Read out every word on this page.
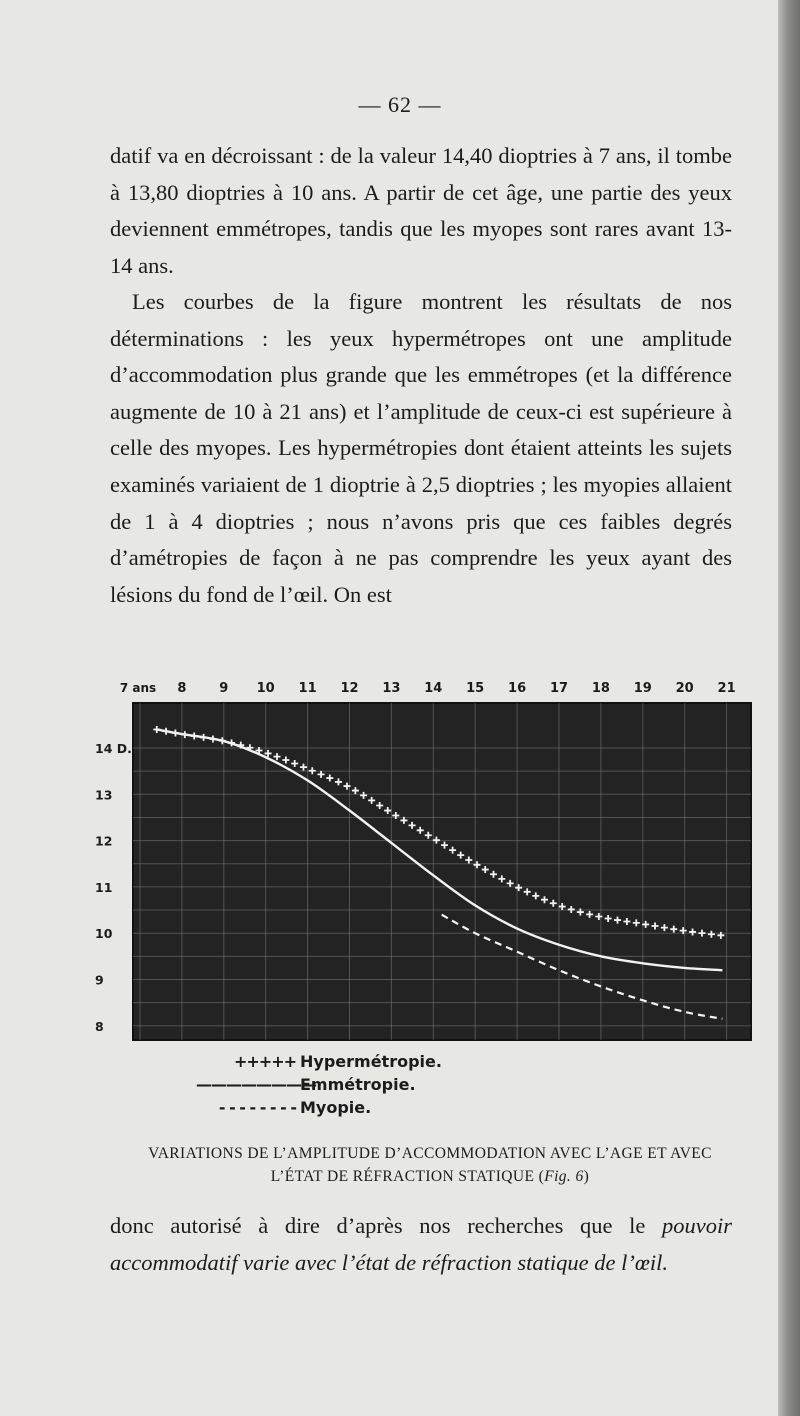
— 62 —

datif va en décroissant : de la valeur 14,40 dioptries à 7 ans, il tombe à 13,80 dioptries à 10 ans. A partir de cet âge, une partie des yeux deviennent emmétropes, tandis que les myopes sont rares avant 13-14 ans.

Les courbes de la figure montrent les résultats de nos déterminations : les yeux hypermétropes ont une amplitude d’accommodation plus grande que les emmétropes (et la différence augmente de 10 à 21 ans) et l’amplitude de ceux-ci est supérieure à celle des myopes. Les hypermétropies dont étaient atteints les sujets examinés variaient de 1 dioptrie à 2,5 dioptries ; les myopies allaient de 1 à 4 dioptries ; nous n’avons pris que ces faibles degrés d’amétropies de façon à ne pas comprendre les yeux ayant des lésions du fond de l’œil. On est

7 ans 8	9 10 11 12 13 14 15 16 17 18 19 20 21
14 D.
13
12
11
10
9
8
+++++ Hypermétropie.
————————
Emmétropie.
- - - - - - - - Myopie.
VARIATIONS DE L’AMPLITUDE D’ACCOMMODATION AVEC L’AGE ET AVEC
L’ÉTAT DE RÉFRACTION STATIQUE (Fig. 6)

donc autorisé à dire d’après nos recherches que le pouvoir accommodatif varie avec l’état de réfraction statique de l’œil.
